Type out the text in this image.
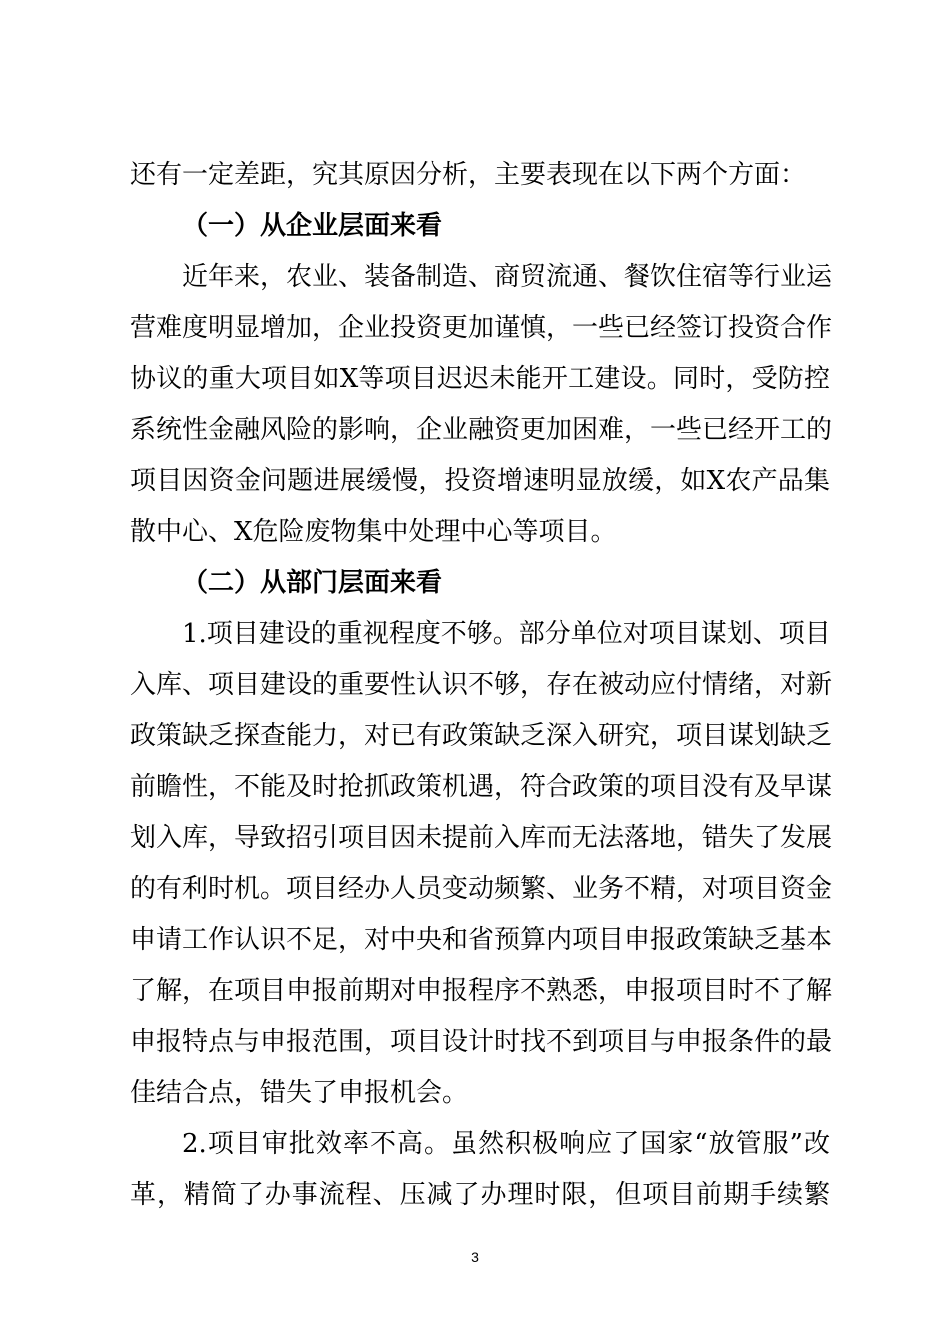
还有一定差距，究其原因分析，主要表现在以下两个方面：
（一）从企业层面来看
近年来，农业、装备制造、商贸流通、餐饮住宿等行业运
营难度明显增加，企业投资更加谨慎，一些已经签订投资合作
协议的重大项目如X等项目迟迟未能开工建设。同时，受防控
系统性金融风险的影响，企业融资更加困难，一些已经开工的
项目因资金问题进展缓慢，投资增速明显放缓，如X农产品集
散中心、X危险废物集中处理中心等项目。
（二）从部门层面来看
1.项目建设的重视程度不够。部分单位对项目谋划、项目
入库、项目建设的重要性认识不够，存在被动应付情绪，对新
政策缺乏探查能力，对已有政策缺乏深入研究，项目谋划缺乏
前瞻性，不能及时抢抓政策机遇，符合政策的项目没有及早谋
划入库，导致招引项目因未提前入库而无法落地，错失了发展
的有利时机。项目经办人员变动频繁、业务不精，对项目资金
申请工作认识不足，对中央和省预算内项目申报政策缺乏基本
了解，在项目申报前期对申报程序不熟悉，申报项目时不了解
申报特点与申报范围，项目设计时找不到项目与申报条件的最
佳结合点，错失了申报机会。
2.项目审批效率不高。虽然积极响应了国家“放管服”改
革，精简了办事流程、压减了办理时限，但项目前期手续繁
3
